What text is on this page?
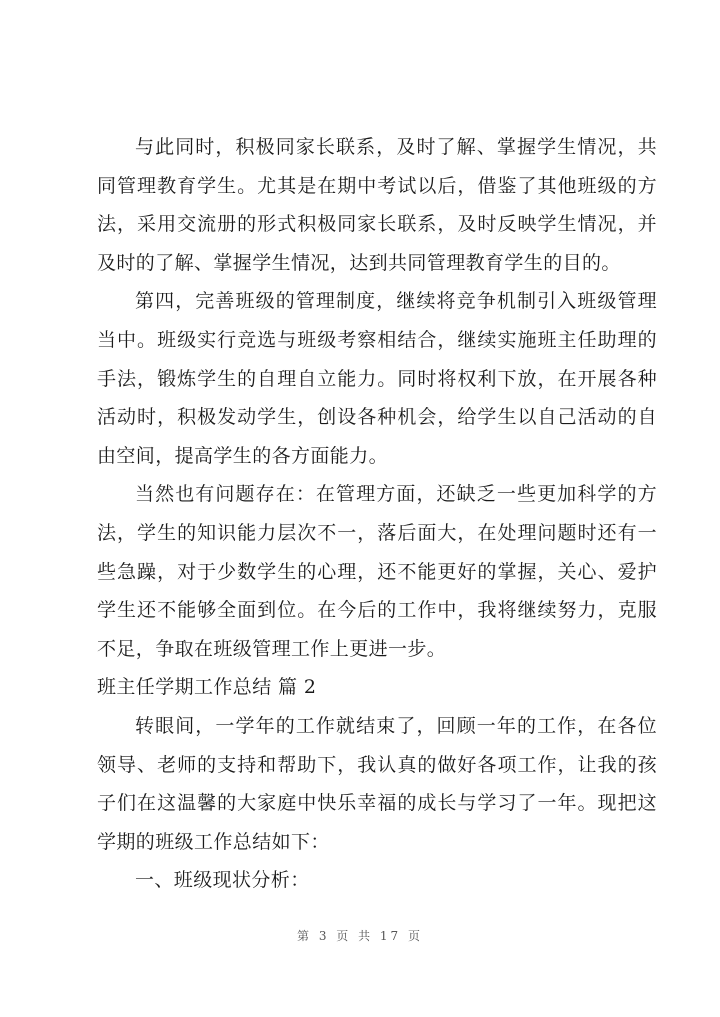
与此同时，积极同家长联系，及时了解、掌握学生情况，共同管理教育学生。尤其是在期中考试以后，借鉴了其他班级的方法，采用交流册的形式积极同家长联系，及时反映学生情况，并及时的了解、掌握学生情况，达到共同管理教育学生的目的。

第四，完善班级的管理制度，继续将竞争机制引入班级管理当中。班级实行竞选与班级考察相结合，继续实施班主任助理的手法，锻炼学生的自理自立能力。同时将权利下放，在开展各种活动时，积极发动学生，创设各种机会，给学生以自己活动的自由空间，提高学生的各方面能力。

当然也有问题存在：在管理方面，还缺乏一些更加科学的方法，学生的知识能力层次不一，落后面大，在处理问题时还有一些急躁，对于少数学生的心理，还不能更好的掌握，关心、爱护学生还不能够全面到位。在今后的工作中，我将继续努力，克服不足，争取在班级管理工作上更进一步。

班主任学期工作总结 篇 2

转眼间，一学年的工作就结束了，回顾一年的工作，在各位领导、老师的支持和帮助下，我认真的做好各项工作，让我的孩子们在这温馨的大家庭中快乐幸福的成长与学习了一年。现把这学期的班级工作总结如下：

一、班级现状分析：

第 3 页 共 17 页
